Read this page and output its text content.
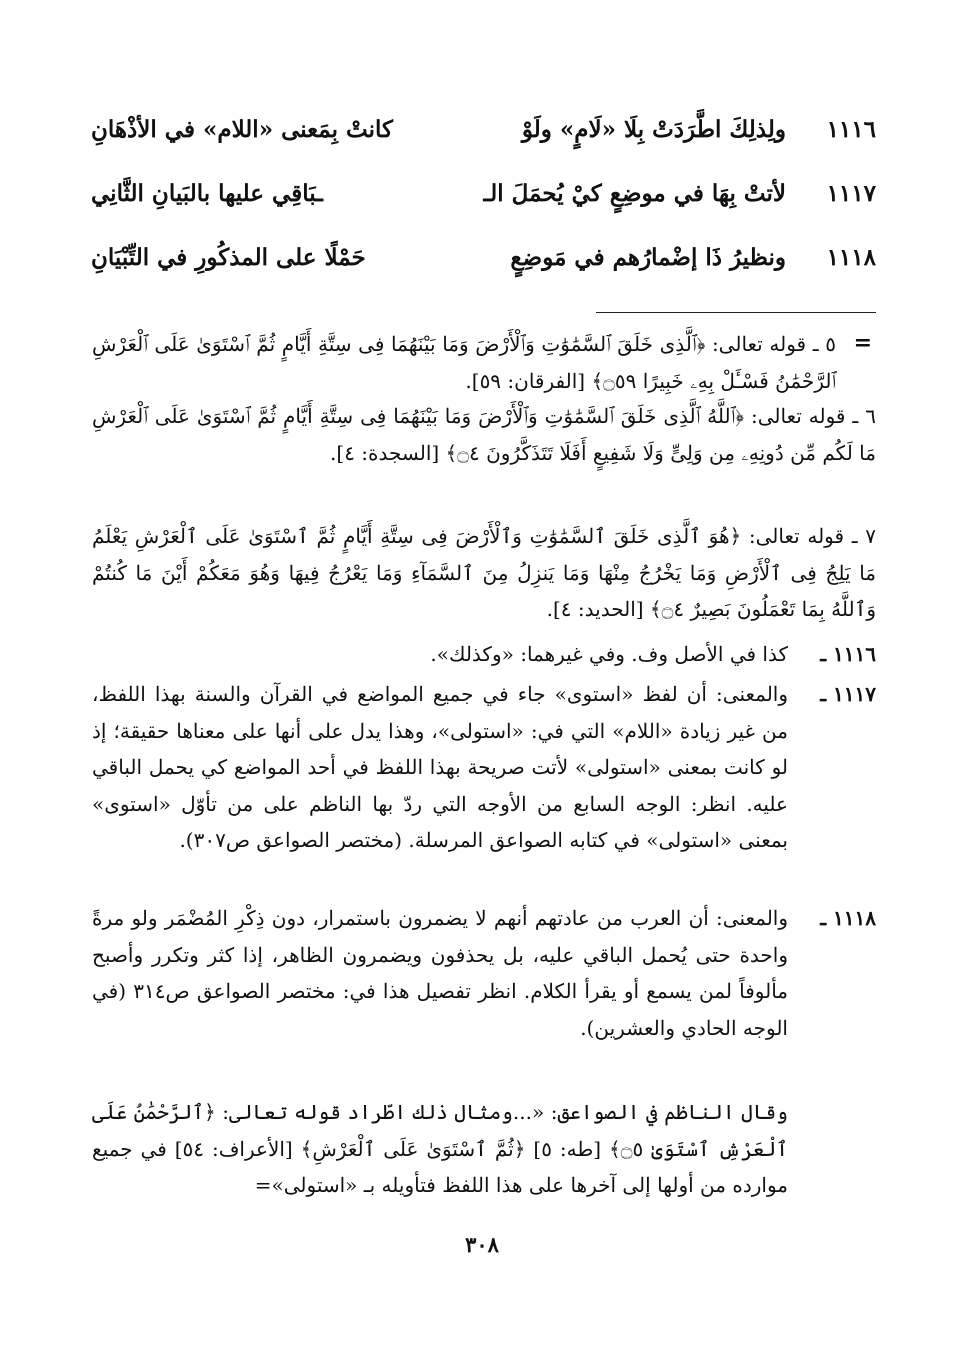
١١١٦
ولِذلِكَ اطَّرَدَتْ بِلَا «لَامٍ» ولَوْ
كانتْ بِمَعنى «اللام» في الأذْهَانِ
١١١٧
لأتتْ بِهَا في موضِعٍ كيْ يُحمَلَ الـ
ـبَاقِي عليها بالبَيانِ الثَّانِي
١١١٨
ونظيرُ ذَا إضْمارُهم في مَوضِعٍ
حَمْلًا على المذكُورِ في التِّبْيَانِ
=
٥ ـ قوله تعالى: ﴿ٱلَّذِى خَلَقَ ٱلسَّمَٰوَٰتِ وَٱلْأَرْضَ وَمَا بَيْنَهُمَا فِى سِتَّةِ أَيَّامٍ ثُمَّ ٱسْتَوَىٰ عَلَى ٱلْعَرْشِ ٱلرَّحْمَٰنُ فَسْـَٔلْ بِهِۦ خَبِيرًا ۝٥٩﴾ [الفرقان: ٥٩].
٦ ـ قوله تعالى: ﴿ٱللَّهُ ٱلَّذِى خَلَقَ ٱلسَّمَٰوَٰتِ وَٱلْأَرْضَ وَمَا بَيْنَهُمَا فِى سِتَّةِ أَيَّامٍ ثُمَّ ٱسْتَوَىٰ عَلَى ٱلْعَرْشِ مَا لَكُم مِّن دُونِهِۦ مِن وَلِىٍّ وَلَا شَفِيعٍ أَفَلَا تَتَذَكَّرُونَ ۝٤﴾ [السجدة: ٤].
٧ ـ قوله تعالى: ﴿هُوَ ٱلَّذِى خَلَقَ ٱلسَّمَٰوَٰتِ وَٱلْأَرْضَ فِى سِتَّةِ أَيَّامٍ ثُمَّ ٱسْتَوَىٰ عَلَى ٱلْعَرْشِ يَعْلَمُ مَا يَلِجُ فِى ٱلْأَرْضِ وَمَا يَخْرُجُ مِنْهَا وَمَا يَنزِلُ مِنَ ٱلسَّمَآءِ وَمَا يَعْرُجُ فِيهَا وَهُوَ مَعَكُمْ أَيْنَ مَا كُنتُمْ وَٱللَّهُ بِمَا تَعْمَلُونَ بَصِيرٌ ۝٤﴾ [الحديد: ٤].
١١١٦ ـ
كذا في الأصل وف. وفي غيرهما: «وكذلك».
١١١٧ ـ
والمعنى: أن لفظ «استوى» جاء في جميع المواضع في القرآن والسنة بهذا اللفظ، من غير زيادة «اللام» التي في: «استولى»، وهذا يدل على أنها على معناها حقيقة؛ إذ لو كانت بمعنى «استولى» لأتت صريحة بهذا اللفظ في أحد المواضع كي يحمل الباقي عليه. انظر: الوجه السابع من الأوجه التي ردّ بها الناظم على من تأوّل «استوى» بمعنى «استولى» في كتابه الصواعق المرسلة. (مختصر الصواعق ص٣٠٧).
١١١٨ ـ
والمعنى: أن العرب من عادتهم أنهم لا يضمرون باستمرار، دون ذِكْرِ المُضْمَر ولو مرةً واحدة حتى يُحمل الباقي عليه، بل يحذفون ويضمرون الظاهر، إذا كثر وتكرر وأصبح مألوفاً لمن يسمع أو يقرأ الكلام. انظر تفصيل هذا في: مختصر الصواعق ص٣١٤ (في الوجه الحادي والعشرين).
وقال الناظم في الصواعق: «...ومثال ذلك اطّراد قوله تعالى: ﴿ٱلرَّحْمَٰنُ عَلَى ٱلْعَرْشِ ٱسْتَوَىٰ ۝٥﴾ [طه: ٥] ﴿ثُمَّ ٱسْتَوَىٰ عَلَى ٱلْعَرْشِ﴾ [الأعراف: ٥٤] في جميع موارده من أولها إلى آخرها على هذا اللفظ فتأويله بـ «استولى»=
٣٠٨
